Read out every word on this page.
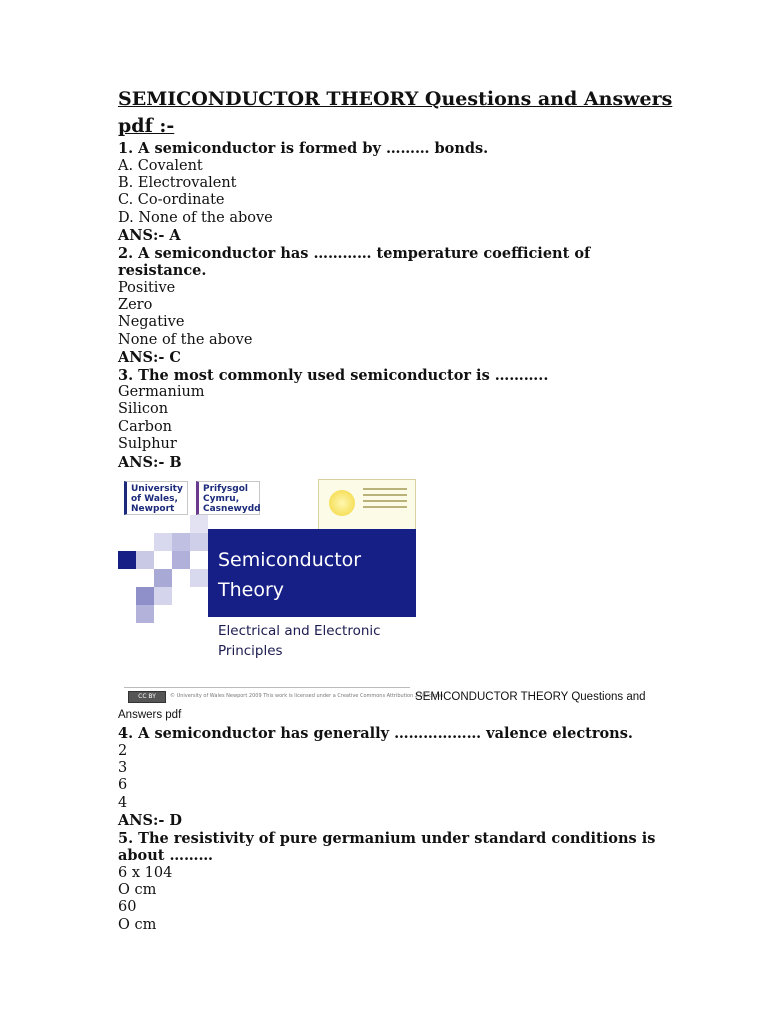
SEMICONDUCTOR THEORY Questions and Answers pdf :-
1. A semiconductor is formed by ……… bonds.
A. Covalent
B. Electrovalent
C. Co-ordinate
D. None of the above
ANS:- A
2. A semiconductor has ………… temperature coefficient of resistance.
Positive
Zero
Negative
None of the above
ANS:- C
3. The most commonly used semiconductor is ………..
Germanium
Silicon
Carbon
Sulphur
ANS:- B
University of Wales, Newport
Prifysgol Cymru, Casnewydd
Semiconductor
Theory
Electrical and Electronic
Principles
CC BY	© University of Wales Newport 2009 This work is licensed under a Creative Commons Attribution 2.0 License.
SEMICONDUCTOR THEORY Questions and
Answers pdf
4. A semiconductor has generally ……………… valence electrons.
2
3
6
4
ANS:- D
5. The resistivity of pure germanium under standard conditions is about ………
6 x 104
O cm
60
O cm
